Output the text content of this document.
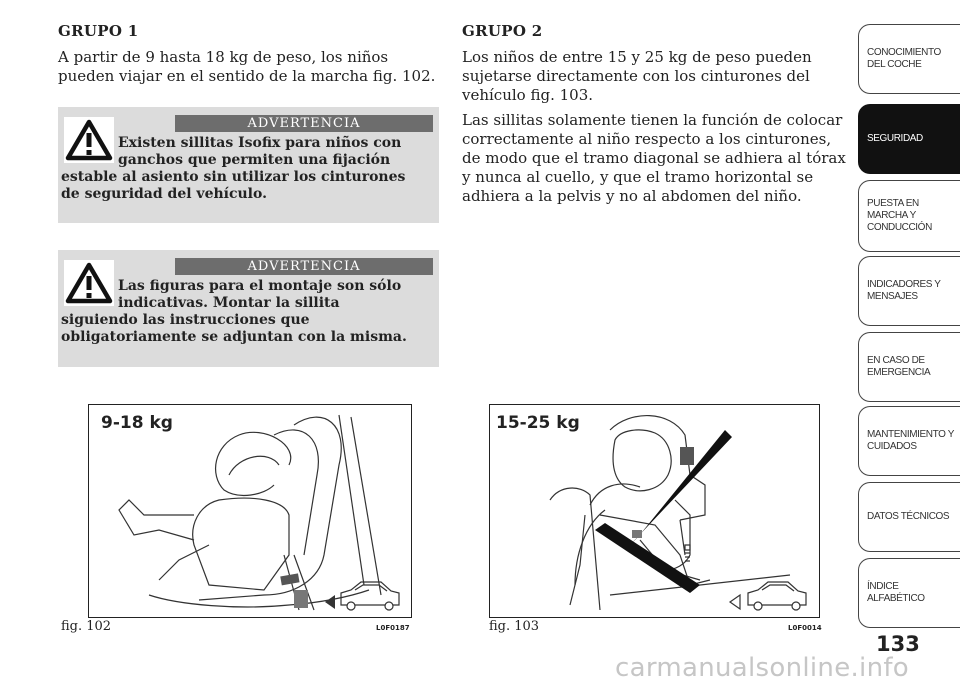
GRUPO 1

A partir de 9 hasta 18 kg de peso, los niños
pueden viajar en el sentido de la marcha fig. 102.

ADVERTENCIA
Existen sillitas Isofix para niños con
ganchos que permiten una fijación
estable al asiento sin utilizar los cinturones
de seguridad del vehículo.
ADVERTENCIA
Las figuras para el montaje son sólo
indicativas. Montar la sillita
siguiendo las instrucciones que
obligatoriamente se adjuntan con la misma.
GRUPO 2

Los niños de entre 15 y 25 kg de peso pueden
sujetarse directamente con los cinturones del
vehículo fig. 103.

Las sillitas solamente tienen la función de colocar
correctamente al niño respecto a los cinturones,
de modo que el tramo diagonal se adhiera al tórax
y nunca al cuello, y que el tramo horizontal se
adhiera a la pelvis y no al abdomen del niño.

9-18 kg
fig. 102	L0F0187
15-25 kg
fig. 103	L0F0014
CONOCIMIENTO
DEL COCHE
SEGURIDAD
PUESTA EN
MARCHA Y
CONDUCCIÓN
INDICADORES Y
MENSAJES
EN CASO DE
EMERGENCIA
MANTENIMIENTO Y
CUIDADOS
DATOS TÉCNICOS
ÍNDICE
ALFABÉTICO
133
carmanualsonline.info
